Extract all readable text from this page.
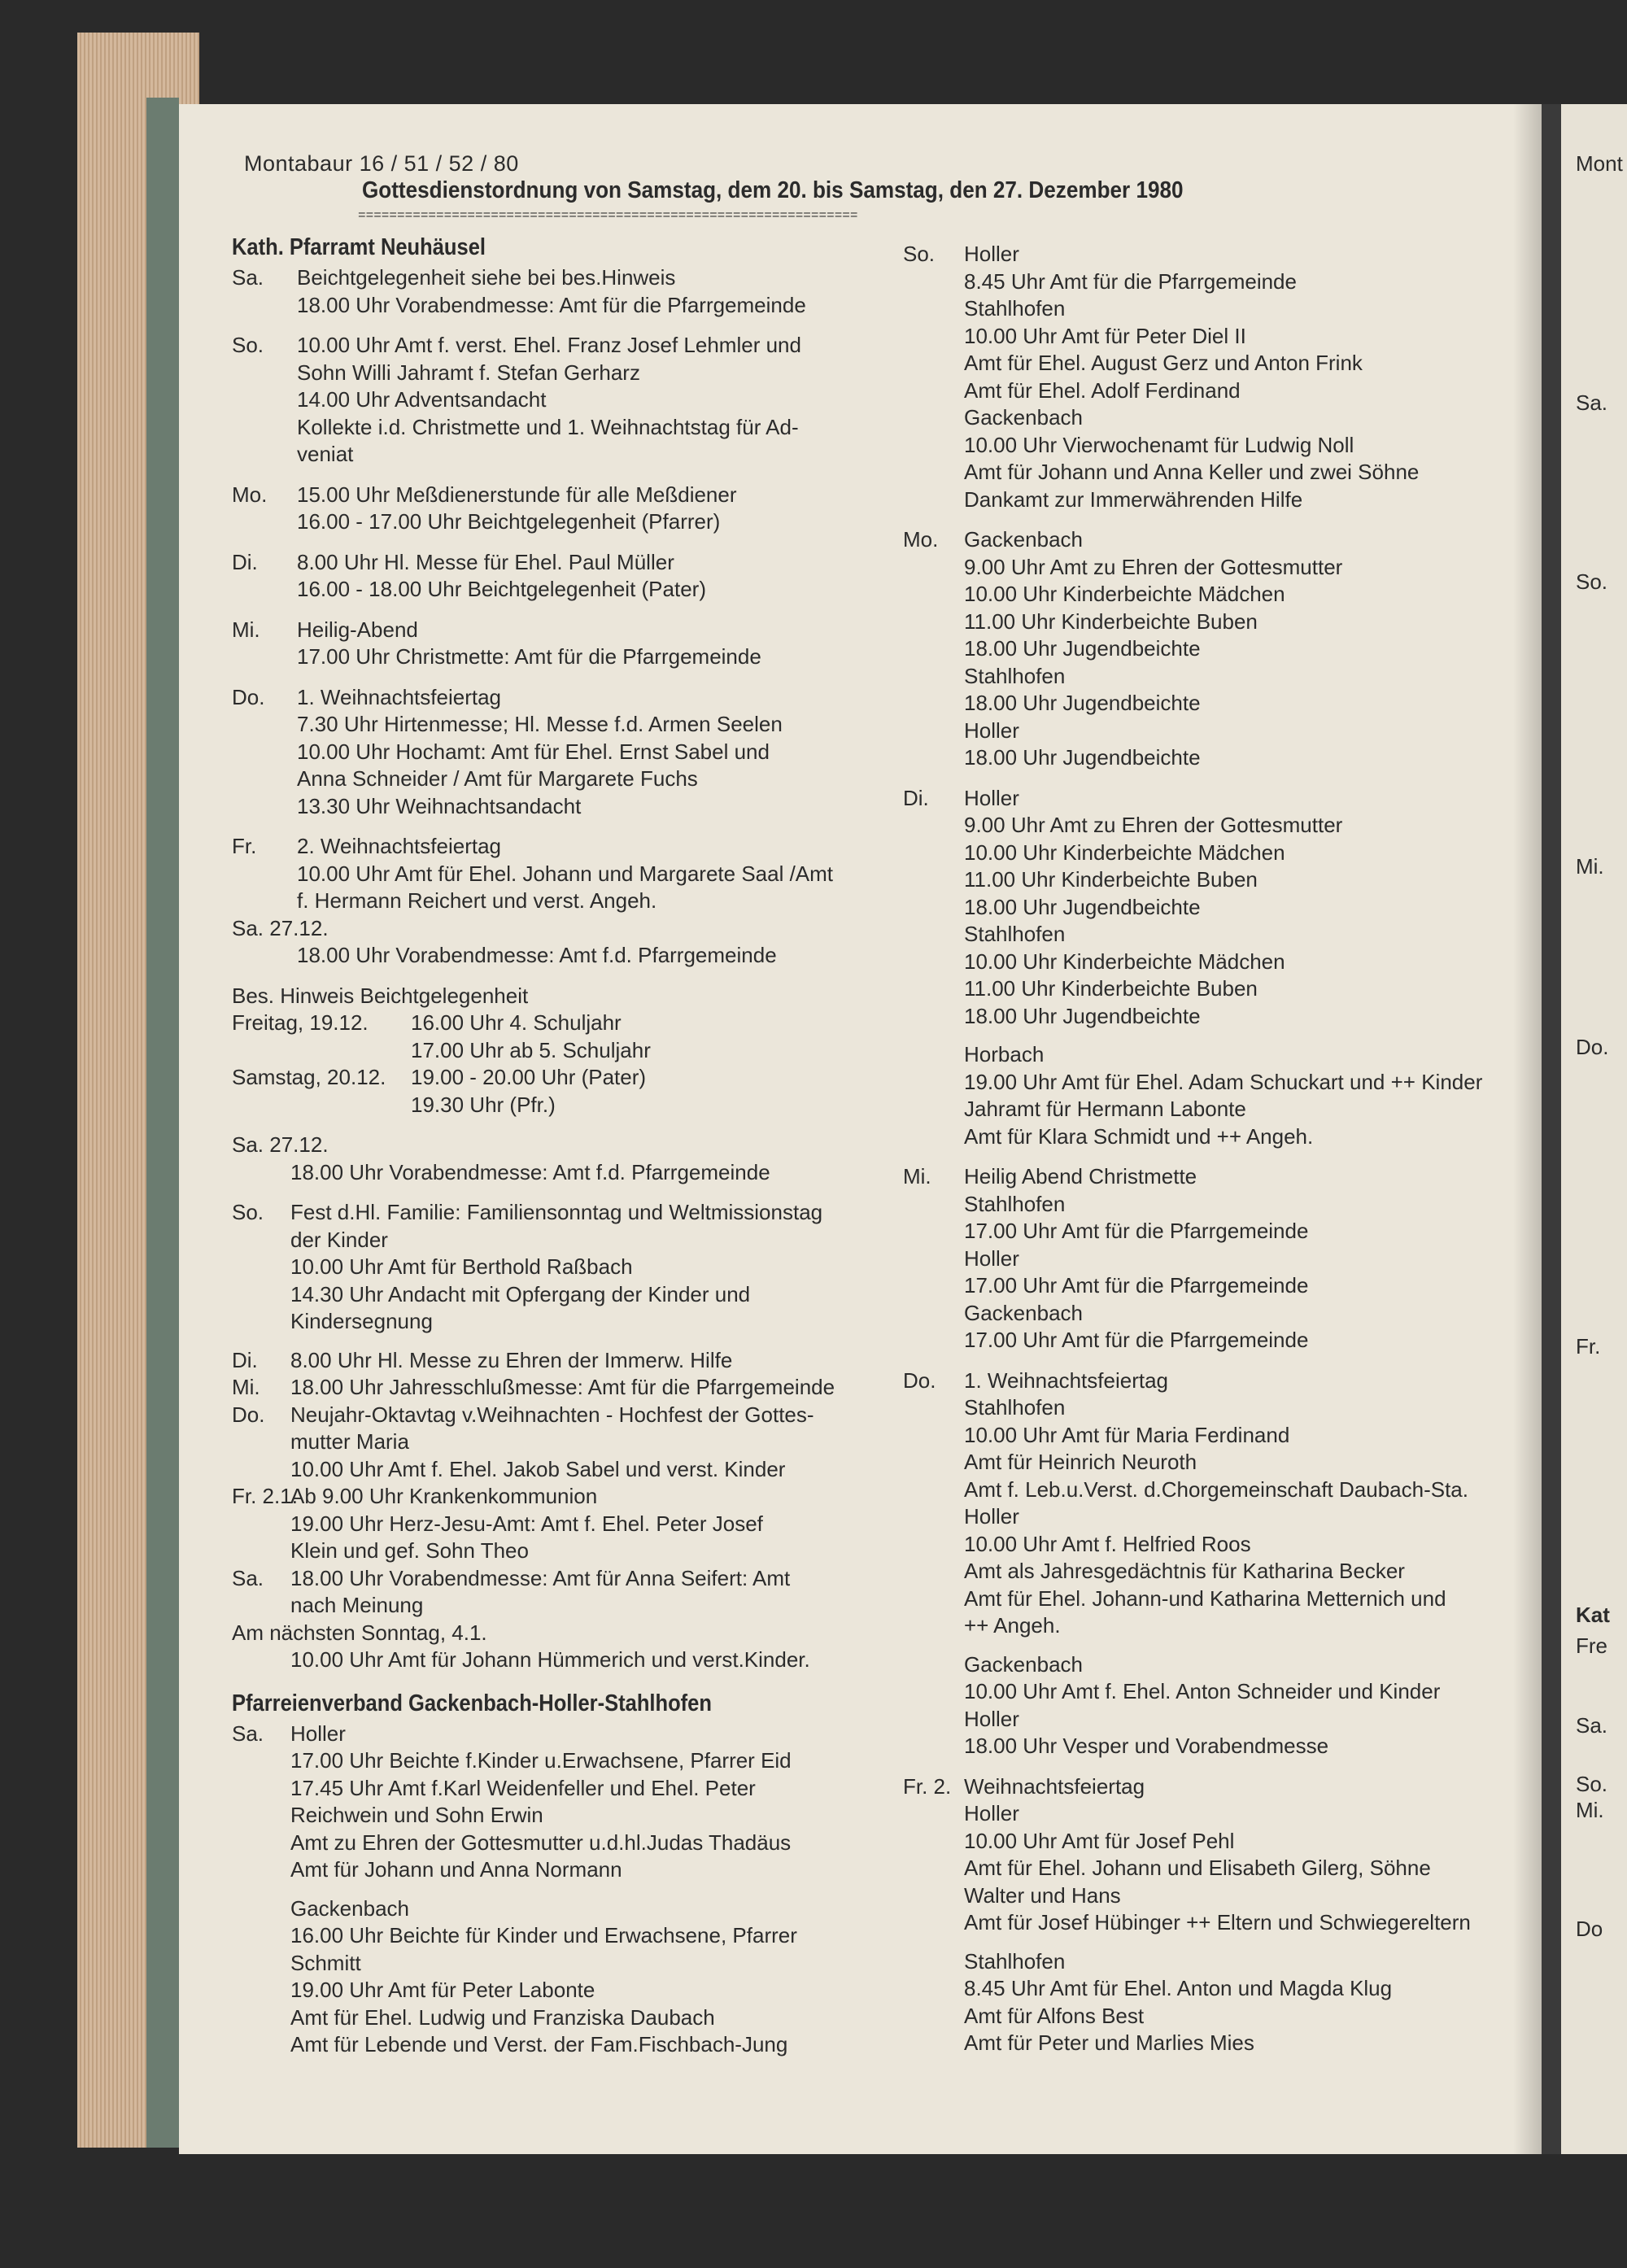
Montabaur 16 / 51 / 52 / 80
Gottesdienstordnung von Samstag, dem 20. bis Samstag, den 27. Dezember 1980
================================================================
Kath. Pfarramt Neuhäusel
Sa.	Beichtgelegenheit siehe bei bes.Hinweis
18.00 Uhr Vorabendmesse: Amt für die Pfarrgemeinde
So.	10.00 Uhr Amt f. verst. Ehel. Franz Josef Lehmler und
Sohn Willi Jahramt f. Stefan Gerharz
14.00 Uhr Adventsandacht
Kollekte i.d. Christmette und 1. Weihnachtstag für Ad-
veniat
Mo.	15.00 Uhr Meßdienerstunde für alle Meßdiener
16.00 - 17.00 Uhr Beichtgelegenheit (Pfarrer)
Di.	8.00 Uhr Hl. Messe für Ehel. Paul Müller
16.00 - 18.00 Uhr Beichtgelegenheit (Pater)
Mi.	Heilig-Abend
17.00 Uhr Christmette: Amt für die Pfarrgemeinde
Do.	1. Weihnachtsfeiertag
7.30 Uhr Hirtenmesse; Hl. Messe f.d. Armen Seelen
10.00 Uhr Hochamt: Amt für Ehel. Ernst Sabel und
Anna Schneider / Amt für Margarete Fuchs
13.30 Uhr Weihnachtsandacht
Fr.	2. Weihnachtsfeiertag
10.00 Uhr Amt für Ehel. Johann und Margarete Saal /Amt
f. Hermann Reichert und verst. Angeh.
Sa. 27.12.
18.00 Uhr Vorabendmesse: Amt f.d. Pfarrgemeinde
Bes. Hinweis Beichtgelegenheit
Freitag, 19.12.	16.00 Uhr 4. Schuljahr
17.00 Uhr ab 5. Schuljahr
Samstag, 20.12.	19.00 - 20.00 Uhr (Pater)
19.30 Uhr (Pfr.)
Sa. 27.12.
18.00 Uhr Vorabendmesse: Amt f.d. Pfarrgemeinde
So.	Fest d.Hl. Familie: Familiensonntag und Weltmissionstag
der Kinder
10.00 Uhr Amt für Berthold Raßbach
14.30 Uhr Andacht mit Opfergang der Kinder und
Kindersegnung
Di.	8.00 Uhr Hl. Messe zu Ehren der Immerw. Hilfe
Mi.	18.00 Uhr Jahresschlußmesse: Amt für die Pfarrgemeinde
Do.	Neujahr-Oktavtag v.Weihnachten - Hochfest der Gottes-
mutter Maria
10.00 Uhr Amt f. Ehel. Jakob Sabel und verst. Kinder
Fr. 2.1.
Ab 9.00 Uhr Krankenkommunion
19.00 Uhr Herz-Jesu-Amt: Amt f. Ehel. Peter Josef
Klein und gef. Sohn Theo
Sa.	18.00 Uhr Vorabendmesse: Amt für Anna Seifert: Amt
nach Meinung
Am nächsten Sonntag, 4.1.
10.00 Uhr Amt für Johann Hümmerich und verst.Kinder.
Pfarreienverband Gackenbach-Holler-Stahlhofen
Sa.	Holler
17.00 Uhr Beichte f.Kinder u.Erwachsene, Pfarrer Eid
17.45 Uhr Amt f.Karl Weidenfeller und Ehel. Peter
Reichwein und Sohn Erwin
Amt zu Ehren der Gottesmutter u.d.hl.Judas Thadäus
Amt für Johann und Anna Normann
Gackenbach
16.00 Uhr Beichte für Kinder und Erwachsene, Pfarrer
Schmitt
19.00 Uhr Amt für Peter Labonte
Amt für Ehel. Ludwig und Franziska Daubach
Amt für Lebende und Verst. der Fam.Fischbach-Jung
So.	Holler
8.45 Uhr Amt für die Pfarrgemeinde
Stahlhofen
10.00 Uhr Amt für Peter Diel II
Amt für Ehel. August Gerz und Anton Frink
Amt für Ehel. Adolf Ferdinand
Gackenbach
10.00 Uhr Vierwochenamt für Ludwig Noll
Amt für Johann und Anna Keller und zwei Söhne
Dankamt zur Immerwährenden Hilfe
Mo.	Gackenbach
9.00 Uhr Amt zu Ehren der Gottesmutter
10.00 Uhr Kinderbeichte Mädchen
11.00 Uhr Kinderbeichte Buben
18.00 Uhr Jugendbeichte
Stahlhofen
18.00 Uhr Jugendbeichte
Holler
18.00 Uhr Jugendbeichte
Di.	Holler
9.00 Uhr Amt zu Ehren der Gottesmutter
10.00 Uhr Kinderbeichte Mädchen
11.00 Uhr Kinderbeichte Buben
18.00 Uhr Jugendbeichte
Stahlhofen
10.00 Uhr Kinderbeichte Mädchen
11.00 Uhr Kinderbeichte Buben
18.00 Uhr Jugendbeichte
Horbach
19.00 Uhr Amt für Ehel. Adam Schuckart und ++ Kinder
Jahramt für Hermann Labonte
Amt für Klara Schmidt und ++ Angeh.
Mi.	Heilig Abend Christmette
Stahlhofen
17.00 Uhr Amt für die Pfarrgemeinde
Holler
17.00 Uhr Amt für die Pfarrgemeinde
Gackenbach
17.00 Uhr Amt für die Pfarrgemeinde
Do.	1. Weihnachtsfeiertag
Stahlhofen
10.00 Uhr Amt für Maria Ferdinand
Amt für Heinrich Neuroth
Amt f. Leb.u.Verst. d.Chorgemeinschaft Daubach-Sta.
Holler
10.00 Uhr Amt f. Helfried Roos
Amt als Jahresgedächtnis für Katharina Becker
Amt für Ehel. Johann-und Katharina Metternich und
++ Angeh.
Gackenbach
10.00 Uhr Amt f. Ehel. Anton Schneider und Kinder
Holler
18.00 Uhr Vesper und Vorabendmesse
Fr. 2. Weihnachtsfeiertag
Holler
10.00 Uhr Amt für Josef Pehl
Amt für Ehel. Johann und Elisabeth Gilerg, Söhne
Walter und Hans
Amt für Josef Hübinger ++ Eltern und Schwiegereltern
Stahlhofen
8.45 Uhr Amt für Ehel. Anton und Magda Klug
Amt für Alfons Best
Amt für Peter und Marlies Mies
Mont
Sa.
So.
Mi.
Do.
Fr.
Kat
Fre
Sa.
So.
Mi.
Do
